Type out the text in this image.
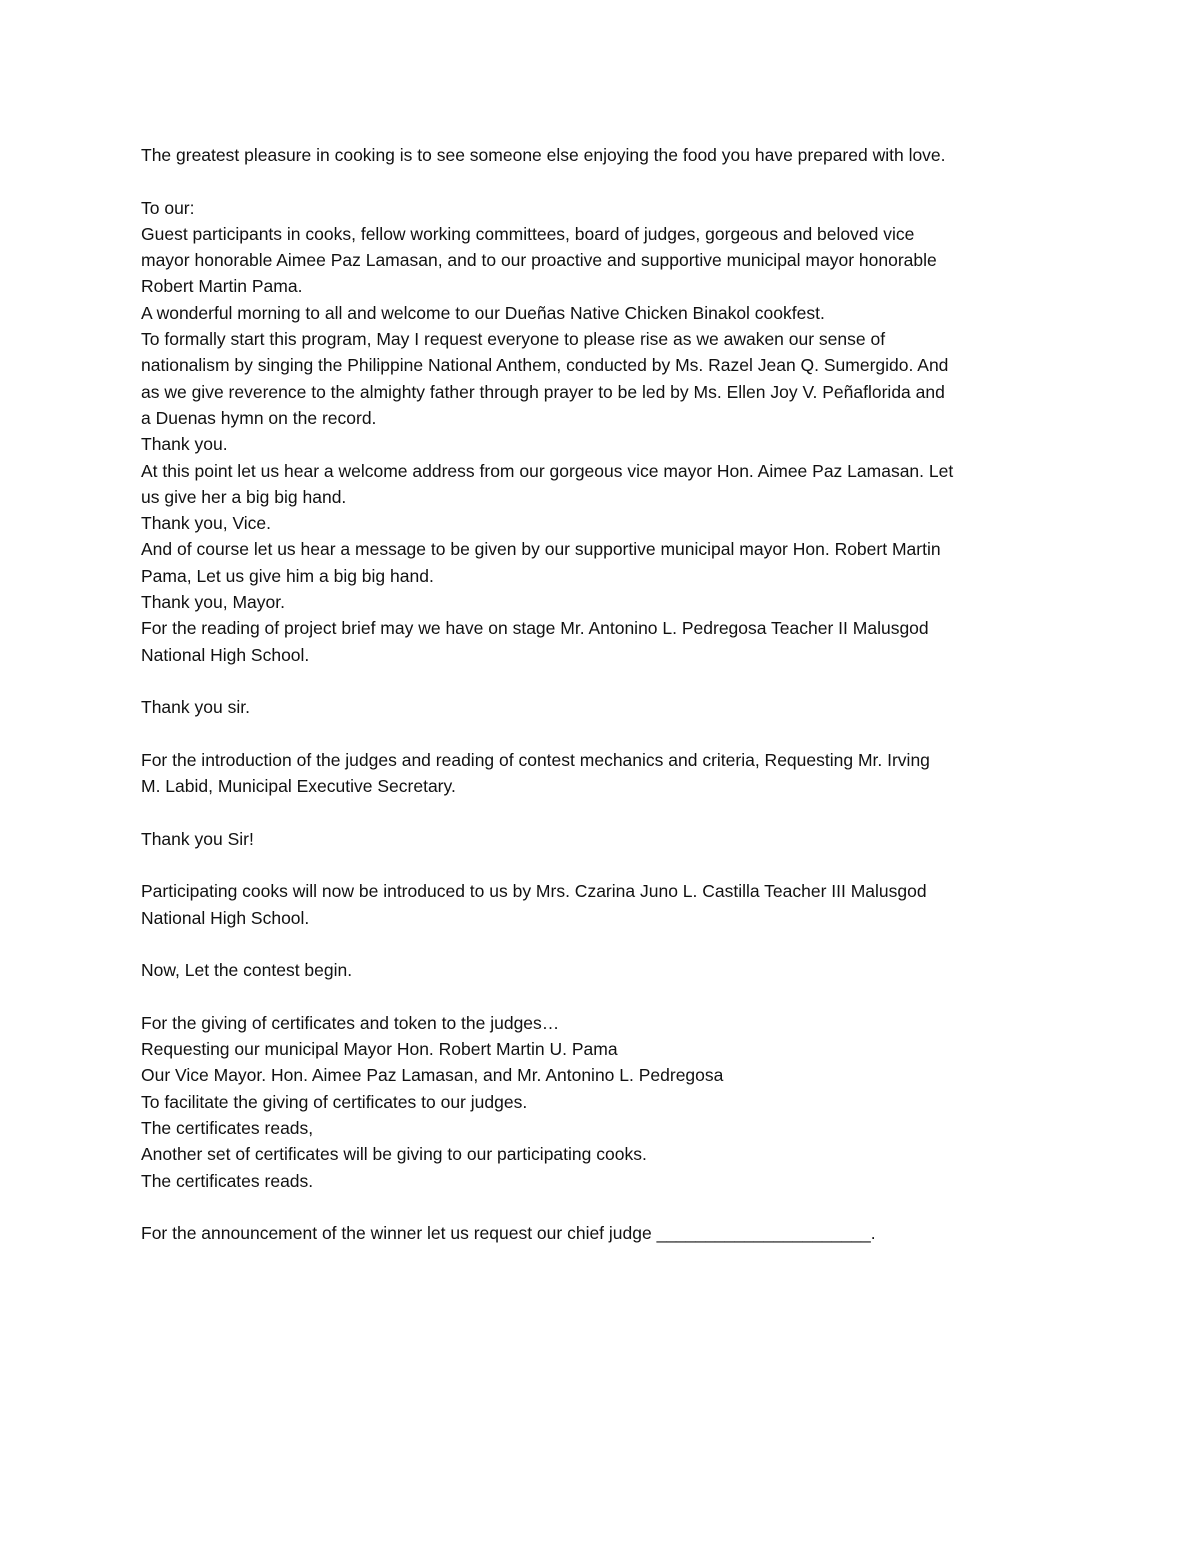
The greatest pleasure in cooking is to see someone else enjoying the food you have prepared with love.
To our:
Guest participants in cooks, fellow working committees, board of judges, gorgeous and beloved vice
mayor honorable Aimee Paz Lamasan, and to our proactive and supportive municipal mayor honorable
Robert Martin Pama.
A wonderful morning to all and welcome to our Dueñas Native Chicken Binakol cookfest.
To formally start this program, May I request everyone to please rise as we awaken our sense of
nationalism by singing the Philippine National Anthem, conducted by Ms. Razel Jean Q. Sumergido. And
as we give reverence to the almighty father through prayer to be led by Ms. Ellen Joy V. Peñaflorida and
a Duenas hymn on the record.
Thank you.
At this point let us hear a welcome address from our gorgeous vice mayor Hon. Aimee Paz Lamasan. Let
us give her a big big hand.
Thank you, Vice.
And of course let us hear a message to be given by our supportive municipal mayor Hon. Robert Martin
Pama, Let us give him a big big hand.
Thank you, Mayor.
For the reading of project brief may we have on stage Mr. Antonino L. Pedregosa Teacher II Malusgod
National High School.
Thank you sir.
For the introduction of the judges and reading of contest mechanics and criteria, Requesting Mr. Irving
M. Labid, Municipal Executive Secretary.
Thank you Sir!
Participating cooks will now be introduced to us by Mrs. Czarina Juno L. Castilla Teacher III Malusgod
National High School.
Now, Let the contest begin.
For the giving of certificates and token to the judges…
Requesting our municipal Mayor Hon. Robert Martin U. Pama
Our Vice Mayor. Hon. Aimee Paz Lamasan, and Mr. Antonino L. Pedregosa
To facilitate the giving of certificates to our judges.
The certificates reads,
Another set of certificates will be giving to our participating cooks.
The certificates reads.
For the announcement of the winner let us request our chief judge ______________________.
